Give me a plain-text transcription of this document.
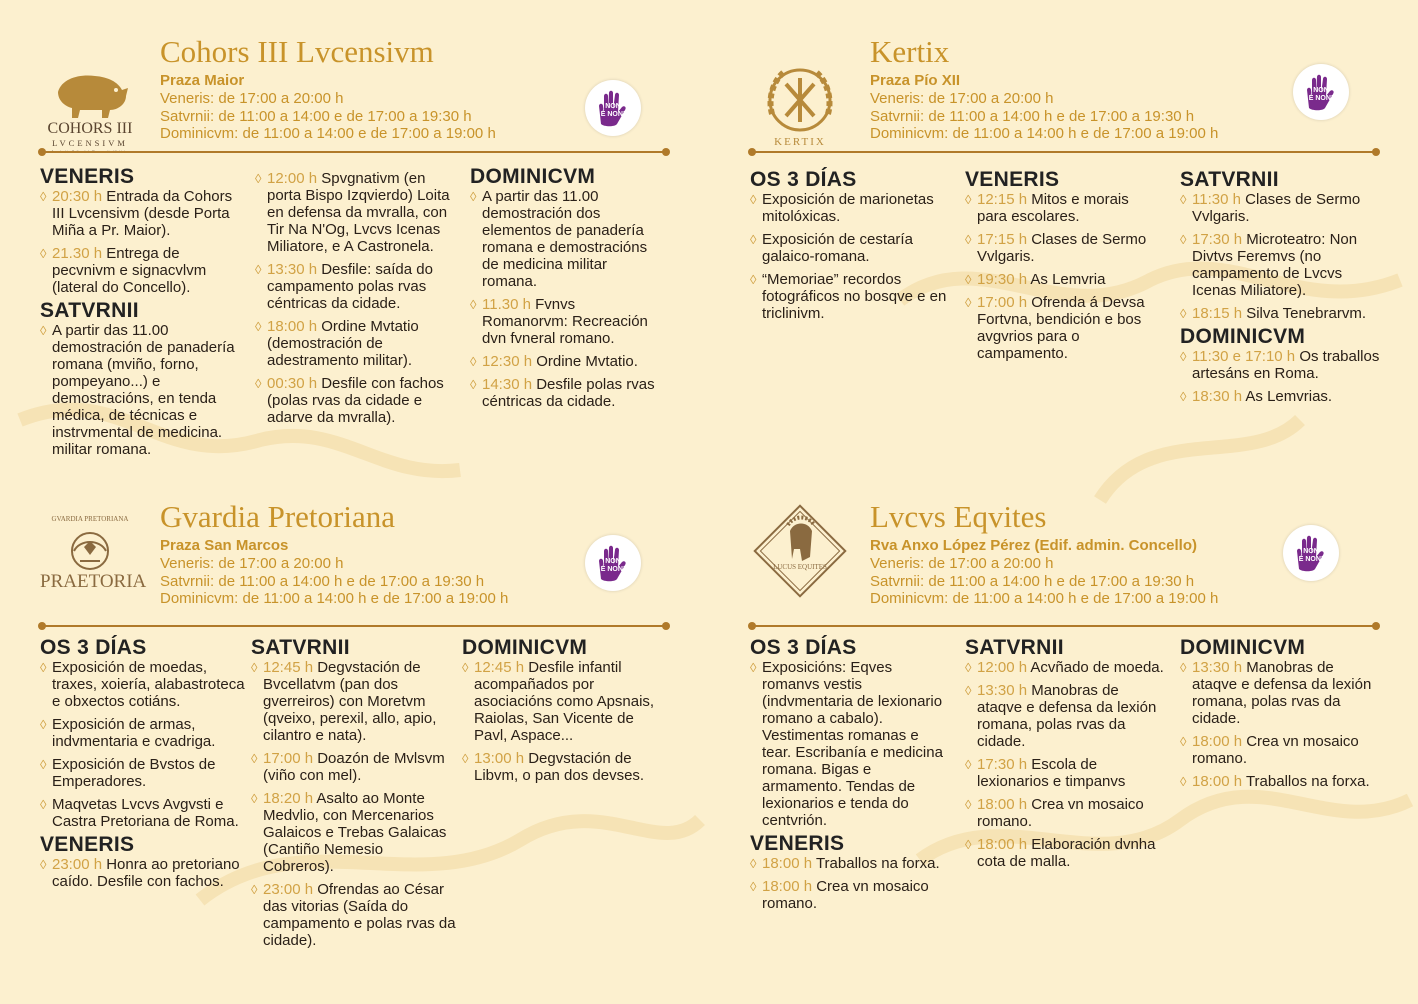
COHORS III
LVCENSIVM
Cohors III Lvcensivm
Praza Maior
Veneris: de 17:00 a 20:00 h
Satvrnii: de 11:00 a 14:00 e de 17:00 a 19:30 h
Dominicvm: de 11:00 a 14:00 e de 17:00 a 19:00 h
NON
É NON!
VENERIS
◊ 20:30 h Entrada da Cohors III Lvcensivm (desde Porta Miña a Pr. Maior).
◊ 21.30 h Entrega de pecvnivm e signacvlvm (lateral do Concello).
SATVRNII
◊ A partir das 11.00 demostración de panadería romana (mviño, forno, pompeyano...) e demostracións, en tenda médica, de técnicas e instrvmental de medicina. militar romana.
◊ 12:00 h Spvgnativm (en porta Bispo Izqvierdo) Loita en defensa da mvralla, con Tir Na N'Og, Lvcvs Icenas Miliatore, e A Castronela.
◊ 13:30 h Desfile: saída do campamento polas rvas céntricas da cidade.
◊ 18:00 h Ordine Mvtatio (demostración de adestramento militar).
◊ 00:30 h Desfile con fachos (polas rvas da cidade e adarve da mvralla).
DOMINICVM
◊ A partir das 11.00 demostración dos elementos de panadería romana e demostracións de medicina militar romana.
◊ 11.30 h Fvnvs Romanorvm: Recreación dvn fvneral romano.
◊ 12:30 h Ordine Mvtatio.
◊ 14:30 h Desfile polas rvas céntricas da cidade.
KERTIX
Kertix
Praza Pío XII
Veneris: de 17:00 a 20:00 h
Satvrnii: de 11:00 a 14:00 h e de 17:00 a 19:30 h
Dominicvm: de 11:00 a 14:00 h e de 17:00 a 19:00 h
NON
É NON!
OS 3 DÍAS
◊ Exposición de marionetas mitolóxicas.
◊ Exposición de cestaría galaico-romana.
◊ “Memoriae” recordos fotográficos no bosqve e en triclinivm.
VENERIS
◊ 12:15 h Mitos e morais para escolares.
◊ 17:15 h Clases de Sermo Vvlgaris.
◊ 19:30 h As Lemvria
◊ 17:00 h Ofrenda á Devsa Fortvna, bendición e bos avgvrios para o campamento.
SATVRNII
◊ 11:30 h Clases de Sermo Vvlgaris.
◊ 17:30 h Microteatro: Non Divtvs Feremvs (no campamento de Lvcvs Icenas Miliatore).
◊ 18:15 h Silva Tenebrarvm.
DOMINICVM
◊ 11:30 e 17:10 h Os traballos artesáns en Roma.
◊ 18:30 h As Lemvrias.
GVARDIA PRETORIANA
PRAETORIA
Gvardia Pretoriana
Praza San Marcos
Veneris: de 17:00 a 20:00 h
Satvrnii: de 11:00 a 14:00 h e de 17:00 a 19:30 h
Dominicvm: de 11:00 a 14:00 h e de 17:00 a 19:00 h
NON
É NON!
OS 3 DÍAS
◊ Exposición de moedas, traxes, xoiería, alabastroteca e obxectos cotiáns.
◊ Exposición de armas, indvmentaria e cvadriga.
◊ Exposición de Bvstos de Emperadores.
◊ Maqvetas Lvcvs Avgvsti e Castra Pretoriana de Roma.
VENERIS
◊ 23:00 h Honra ao pretoriano caído. Desfile con fachos.
SATVRNII
◊ 12:45 h Degvstación de Bvcellatvm (pan dos gverreiros) con Moretvm (qveixo, perexil, allo, apio, cilantro e nata).
◊ 17:00 h Doazón de Mvlsvm (viño con mel).
◊ 18:20 h Asalto ao Monte Medvlio, con Mercenarios Galaicos e Trebas Galaicas (Cantiño Nemesio Cobreros).
◊ 23:00 h Ofrendas ao César das vitorias (Saída do campamento e polas rvas da cidade).
DOMINICVM
◊ 12:45 h Desfile infantil acompañados por asociacións como Apsnais, Raiolas, San Vicente de Pavl, Aspace...
◊ 13:00 h Degvstación de Libvm, o pan dos devses.
LUCUS EQUITES
Lvcvs Eqvites
Rva Anxo López Pérez (Edif. admin. Concello)
Veneris: de 17:00 a 20:00 h
Satvrnii: de 11:00 a 14:00 h e de 17:00 a 19:30 h
Dominicvm: de 11:00 a 14:00 h e de 17:00 a 19:00 h
NON
É NON!
OS 3 DÍAS
◊ Exposicións: Eqves romanvs vestis (indvmentaria de lexionario romano a cabalo). Vestimentas romanas e tear. Escribanía e medicina romana. Bigas e armamento. Tendas de lexionarios e tenda do centvrión.
VENERIS
◊ 18:00 h Traballos na forxa.
◊ 18:00 h Crea vn mosaico romano.
SATVRNII
◊ 12:00 h Acvñado de moeda.
◊ 13:30 h Manobras de ataqve e defensa da lexión romana, polas rvas da cidade.
◊ 17:30 h Escola de lexionarios e timpanvs
◊ 18:00 h Crea vn mosaico romano.
◊ 18:00 h Elaboración dvnha cota de malla.
DOMINICVM
◊ 13:30 h Manobras de ataqve e defensa da lexión romana, polas rvas da cidade.
◊ 18:00 h Crea vn mosaico romano.
◊ 18:00 h Traballos na forxa.
